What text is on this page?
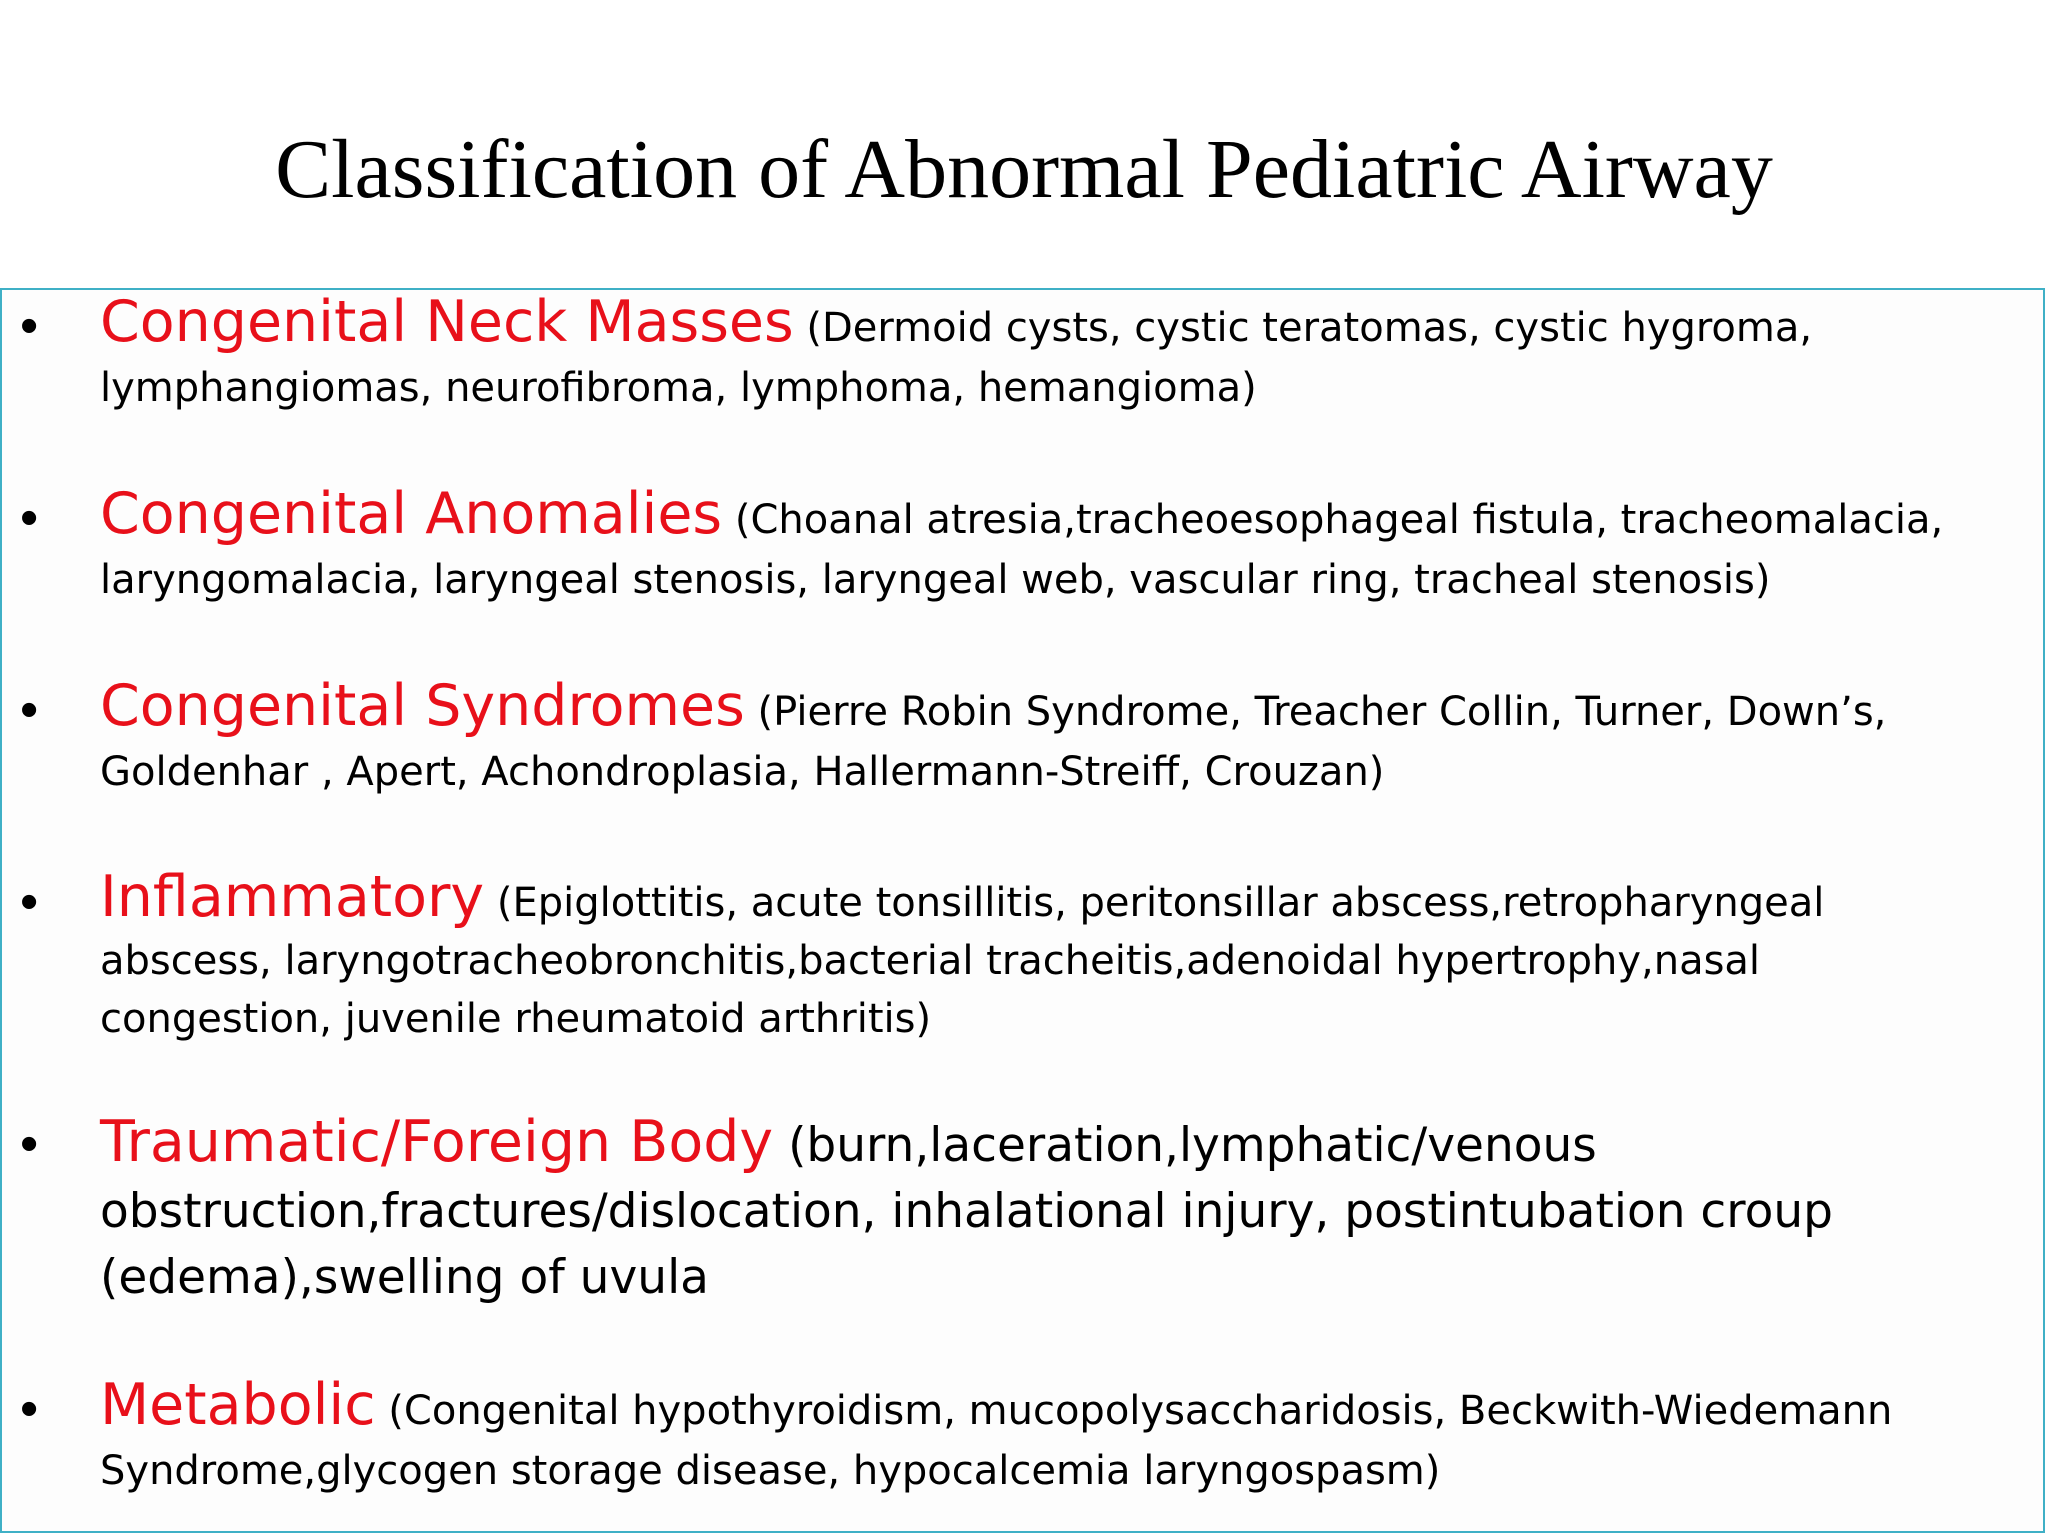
Classification of Abnormal Pediatric Airway
• Congenital Neck Masses (Dermoid cysts, cystic teratomas, cystic hygroma, lymphangiomas, neurofibroma, lymphoma, hemangioma)
• Congenital Anomalies (Choanal atresia,tracheoesophageal fistula, tracheomalacia, laryngomalacia, laryngeal stenosis, laryngeal web, vascular ring, tracheal stenosis)
• Congenital Syndromes (Pierre Robin Syndrome, Treacher Collin, Turner, Down’s, Goldenhar , Apert, Achondroplasia, Hallermann-Streiff, Crouzan)
• Inflammatory (Epiglottitis, acute tonsillitis, peritonsillar abscess,retropharyngeal abscess, laryngotracheobronchitis,bacterial tracheitis,adenoidal hypertrophy,nasal congestion, juvenile rheumatoid arthritis)
• Traumatic/Foreign Body (burn,laceration,lymphatic/venous obstruction,fractures/dislocation, inhalational injury, postintubation croup (edema),swelling of uvula
• Metabolic (Congenital hypothyroidism, mucopolysaccharidosis, Beckwith-Wiedemann Syndrome,glycogen storage disease, hypocalcemia laryngospasm)
